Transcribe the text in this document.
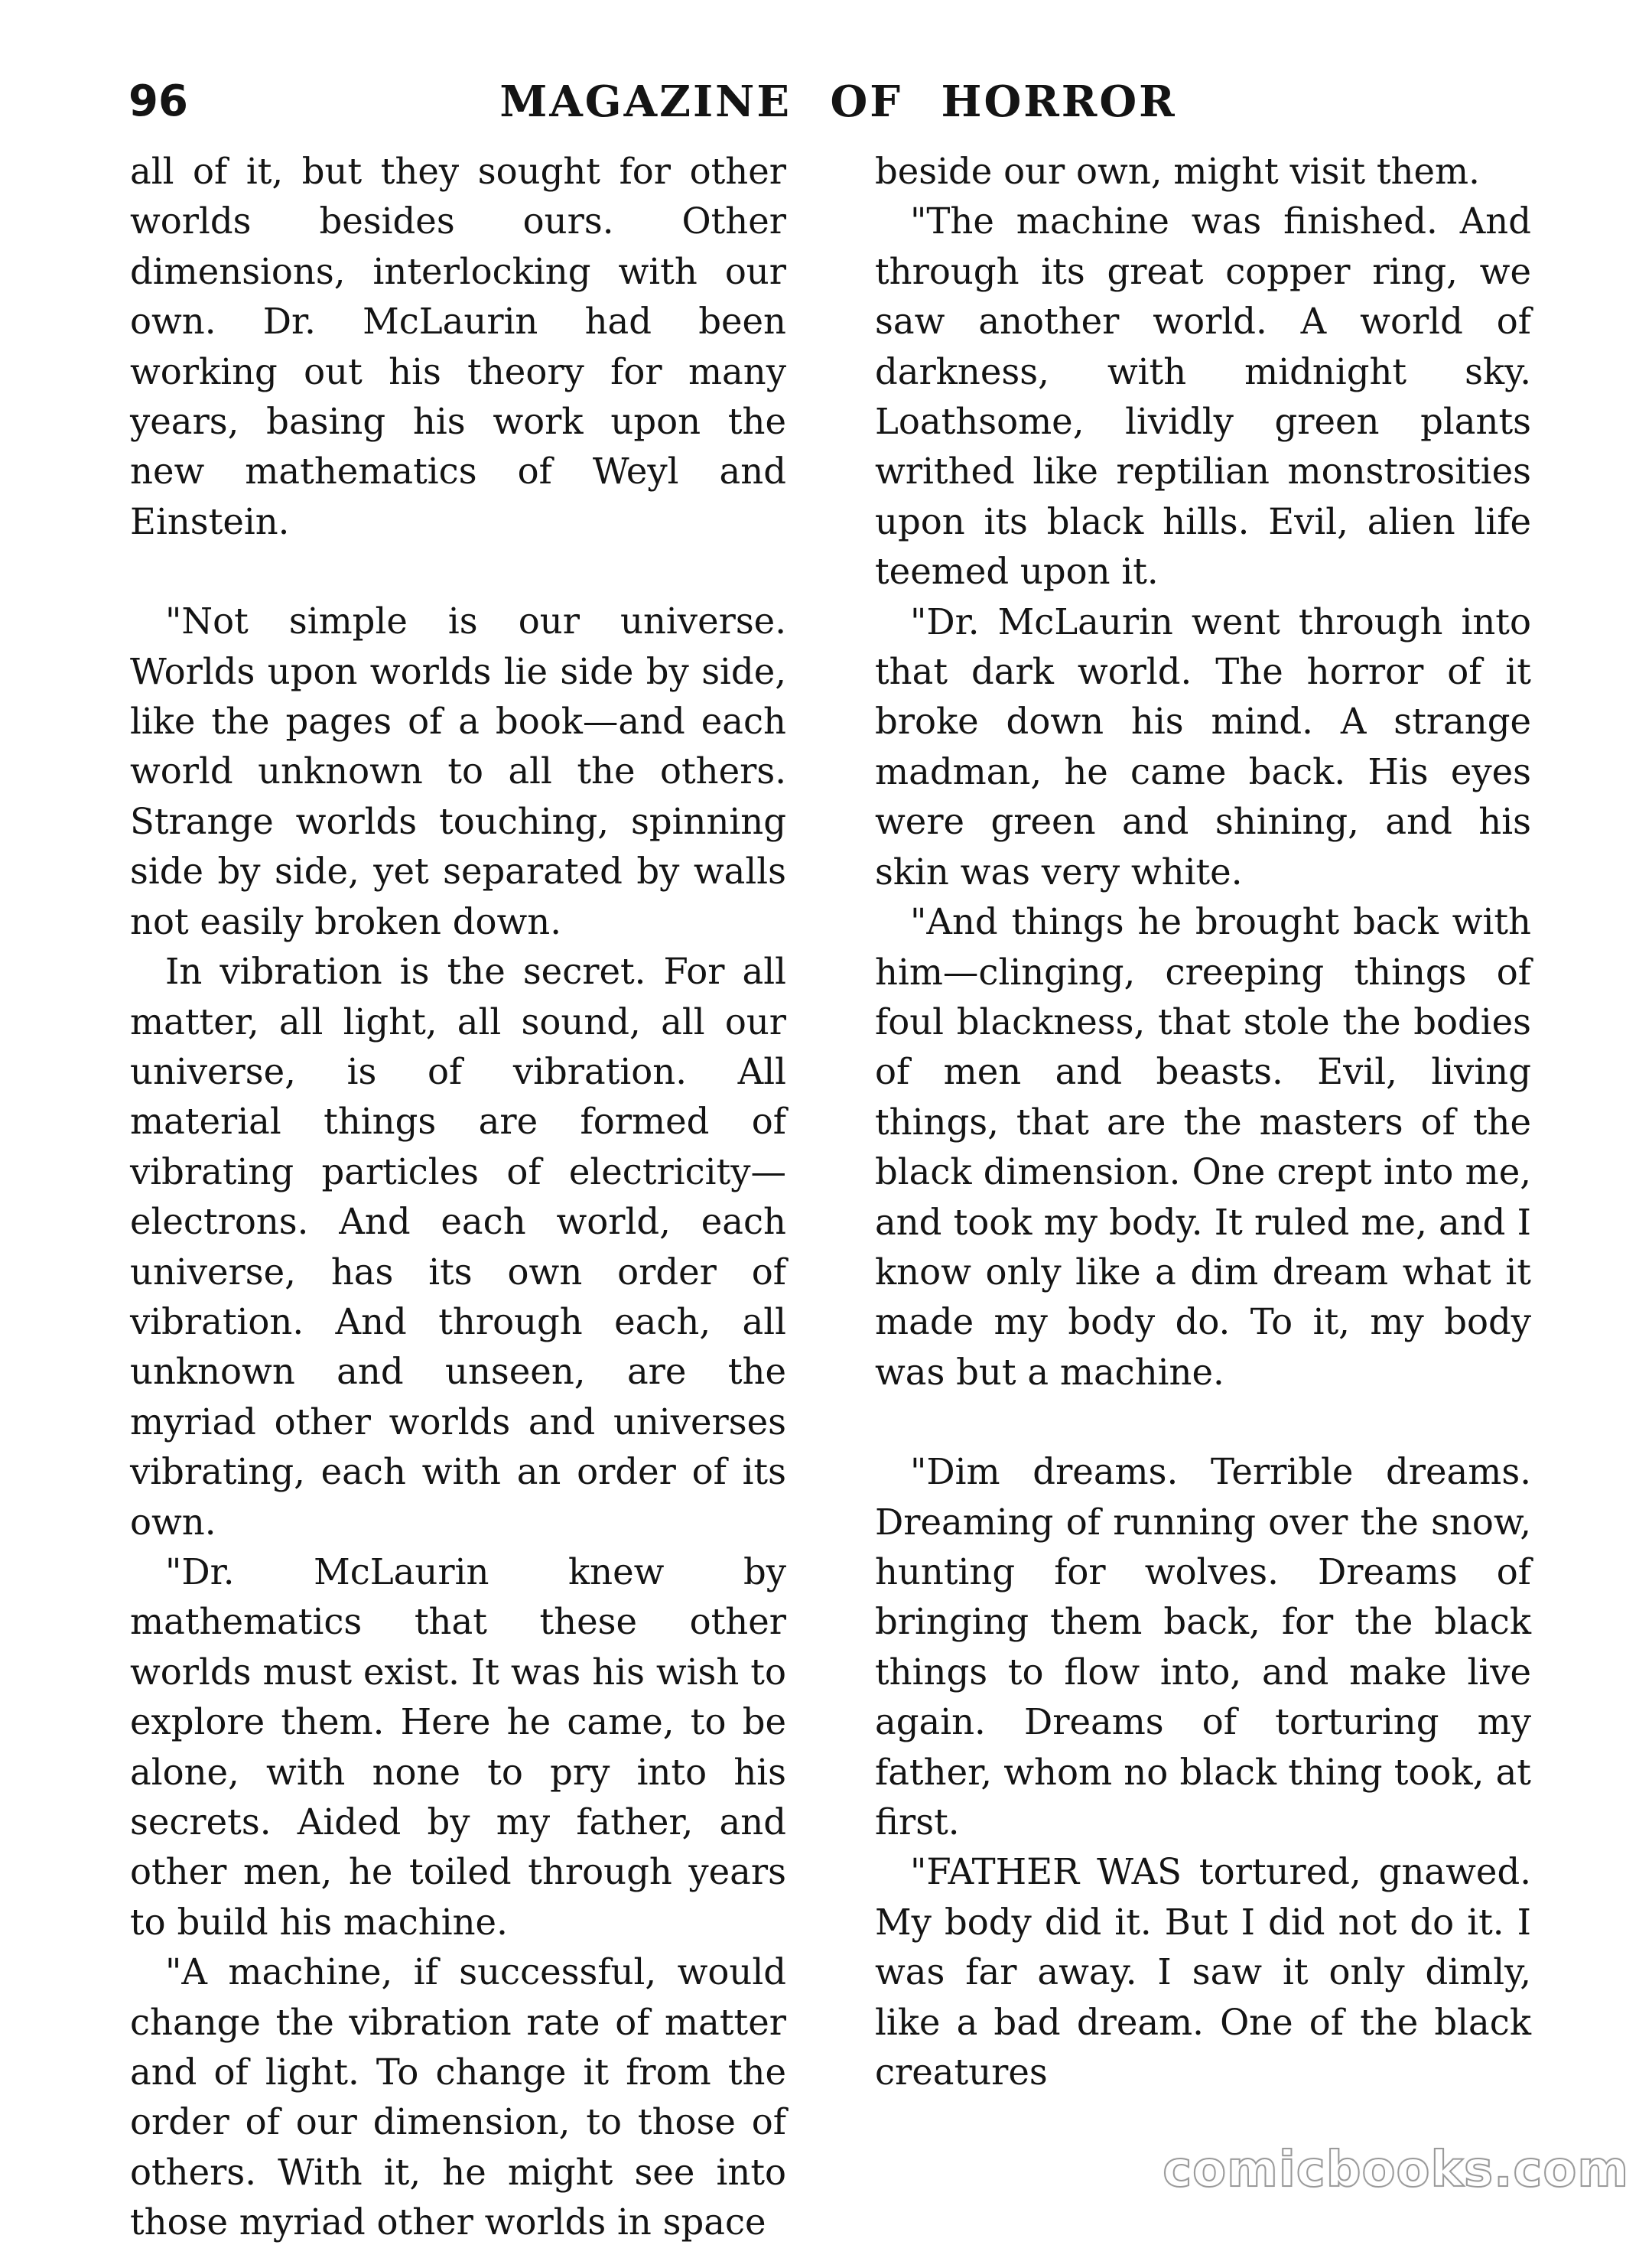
96	MAGAZINE OF HORROR

all of it, but they sought for other worlds besides ours. Other dimensions, interlocking with our own. Dr. McLaurin had been working out his theory for many years, basing his work upon the new mathematics of Weyl and Einstein.

"Not simple is our universe. Worlds upon worlds lie side by side, like the pages of a book—and each world unknown to all the others. Strange worlds touching, spinning side by side, yet separated by walls not easily broken down.

In vibration is the secret. For all matter, all light, all sound, all our universe, is of vibration. All material things are formed of vibrating particles of electricity—electrons. And each world, each universe, has its own order of vibration. And through each, all unknown and unseen, are the myriad other worlds and universes vibrating, each with an order of its own.

"Dr. McLaurin knew by mathematics that these other worlds must exist. It was his wish to explore them. Here he came, to be alone, with none to pry into his secrets. Aided by my father, and other men, he toiled through years to build his machine.

"A machine, if successful, would change the vibration rate of matter and of light. To change it from the order of our dimension, to those of others. With it, he might see into those myriad other worlds in space

beside our own, might visit them.

"The machine was finished. And through its great copper ring, we saw another world. A world of darkness, with midnight sky. Loathsome, lividly green plants writhed like reptilian monstrosities upon its black hills. Evil, alien life teemed upon it.

"Dr. McLaurin went through into that dark world. The horror of it broke down his mind. A strange madman, he came back. His eyes were green and shining, and his skin was very white.

"And things he brought back with him—clinging, creeping things of foul blackness, that stole the bodies of men and beasts. Evil, living things, that are the masters of the black dimension. One crept into me, and took my body. It ruled me, and I know only like a dim dream what it made my body do. To it, my body was but a machine.

"Dim dreams. Terrible dreams. Dreaming of running over the snow, hunting for wolves. Dreams of bringing them back, for the black things to flow into, and make live again. Dreams of torturing my father, whom no black thing took, at first.

"FATHER WAS tortured, gnawed. My body did it. But I did not do it. I was far away. I saw it only dimly, like a bad dream. One of the black creatures

comicbooks.com
